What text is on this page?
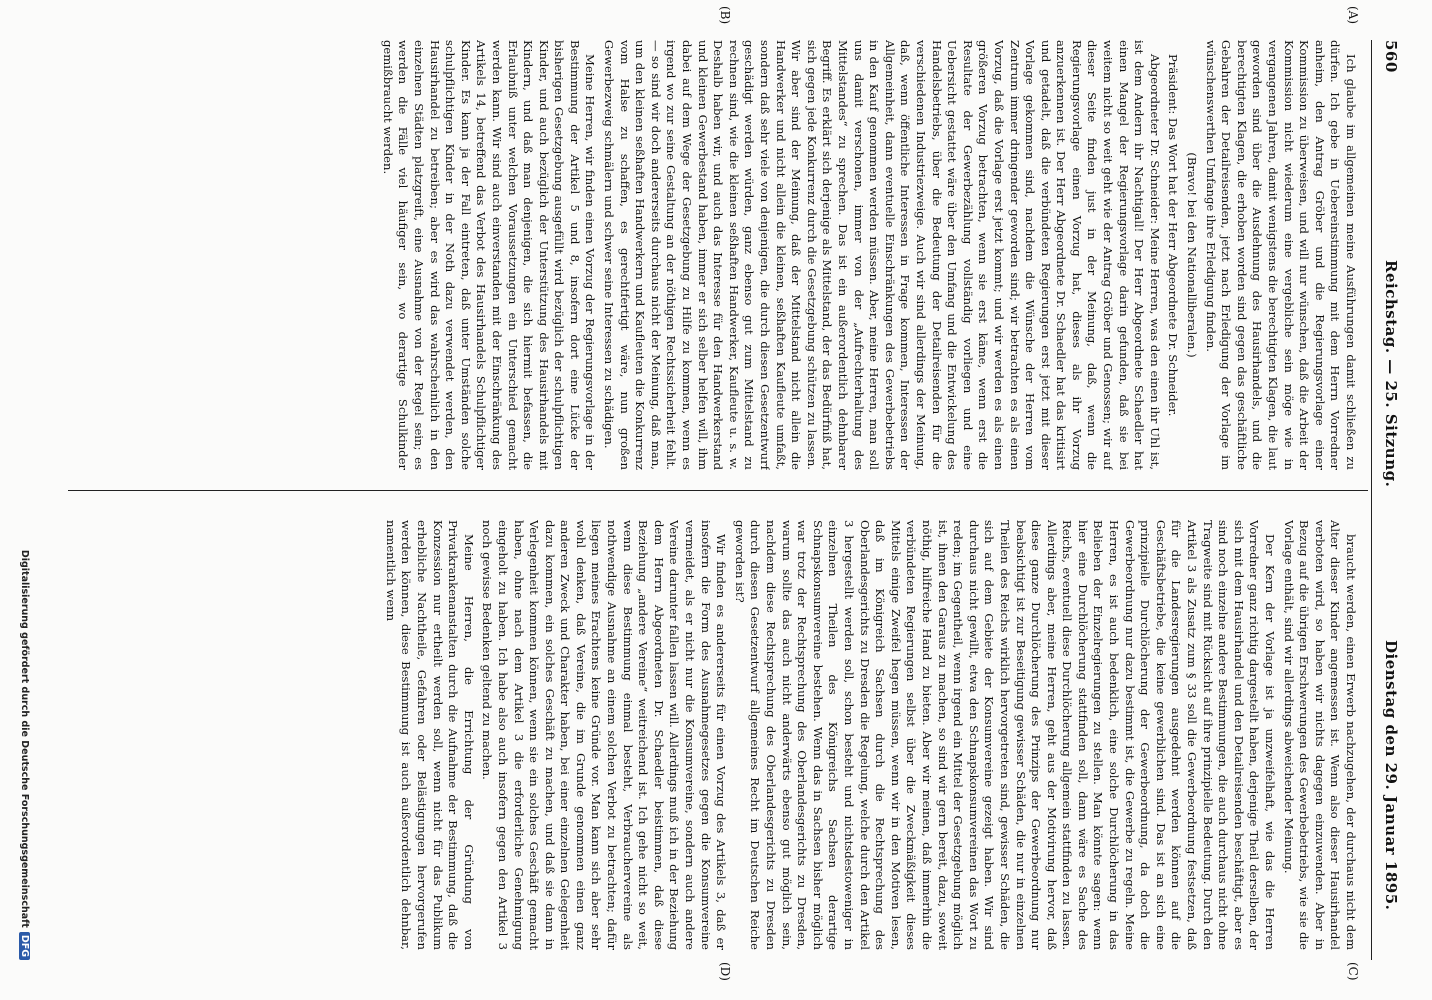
560
Reichstag. — 25. Sitzung.
Dienstag den 29. Januar 1895.
(A)
(B)
(C)
(D)

Ich glaube im allgemeinen meine Ausführungen damit schließen zu dürfen. Ich gebe in Uebereinstimmung mit dem Herrn Vorredner anheim, den Antrag Gröber und die Regierungsvorlage einer Kommission zu überweisen, und will nur wünschen, daß die Arbeit der Kommission nicht wiederum eine vergebliche sein möge wie in vergangenen Jahren, damit wenigstens die berechtigten Klagen, die laut geworden sind über die Ausdehnung des Hausirhandels, und die berechtigten Klagen, die erhoben worden sind gegen das geschäftliche Gebahren der Detailreisenden, jetzt nach Erledigung der Vorlage im wünschenswerthen Umfange ihre Erledigung finden.

(Bravo! bei den Nationalliberalen.)

Präsident: Das Wort hat der Herr Abgeordnete Dr. Schneider.

Abgeordneter Dr. Schneider: Meine Herren, was den einen ihr Uhl ist, ist dem Andern ihr Nachtigall! Der Herr Abgeordnete Schaedler hat einen Mangel der Regierungsvorlage darin gefunden, daß sie bei weitem nicht so weit geht wie der Antrag Gröber und Genossen; wir auf dieser Seite finden just in der Meinung, daß, wenn die Regierungsvorlage einen Vorzug hat, dieses als ihr Vorzug anzuerkennen ist. Der Herr Abgeordnete Dr. Schaedler hat das kritisirt und getadelt, daß die verbündeten Regierungen erst jetzt mit dieser Vorlage gekommen sind, nachdem die Wünsche der Herren vom Zentrum immer dringender geworden sind; wir betrachten es als einen Vorzug, daß die Vorlage erst jetzt kommt; und wir werden es als einen größeren Vorzug betrachten, wenn sie erst käme, wenn erst die Resultate der Gewerbezählung vollständig vorliegen und eine Uebersicht gestattet wäre über den Umfang und die Entwickelung des Handelsbetriebs, über die Bedeutung der Detailreisenden für die verschiedenen Industriezweige. Auch wir sind allerdings der Meinung, daß, wenn öffentliche Interessen in Frage kommen, Interessen der Allgemeinheit, dann eventuelle Einschränkungen des Gewerbebetriebs in den Kauf genommen werden müssen. Aber, meine Herren, man soll uns damit verschonen, immer von der „Aufrechterhaltung des Mittelstandes“ zu sprechen. Das ist ein außerordentlich dehnbarer Begriff. Es erklärt sich derjenige als Mittelstand, der das Bedürfniß hat, sich gegen jede Konkurrenz durch die Gesetzgebung schützen zu lassen. Wir aber sind der Meinung, daß der Mittelstand nicht allein die Handwerker und nicht allein die kleinen, seßhaften Kaufleute umfaßt, sondern daß sehr viele von denjenigen, die durch diesen Gesetzentwurf geschädigt werden würden, ganz ebenso gut zum Mittelstand zu rechnen sind, wie die kleinen seßhaften Handwerker, Kaufleute u. s. w. Deshalb haben wir, und auch das Interesse für den Handwerkerstand und kleinen Gewerbestand haben, immer er sich selber helfen will, ihm dabei auf dem Wege der Gesetzgebung zu Hilfe zu kommen, wenn es irgend wo zur seine Gestaltung an der nöthigen Rechtssicherheit fehlt. — so sind wir doch andererseits durchaus nicht der Meinung, daß man, um den kleinen seßhaften Handwerkern und Kaufleuten die Konkurrenz vom Halse zu schaffen, es gerechtfertigt wäre, nun großen Gewerbezweig schmälern und schwer seine Interessen zu schädigen.

Meine Herren, wir finden einen Vorzug der Regierungsvorlage in der Bestimmung der Artikel 5 und 8, insofern dort eine Lücke der bisherigen Gesetzgebung ausgefüllt wird bezüglich der schulpflichtigen Kinder, und auch bezüglich der Unterstützung des Hausirhandels mit Kindern, und daß man denjenigen, die sich hiermit befassen, die Erlaubniß unter welchen Voraussetzungen ein Unterschied gemacht werden kann. Wir sind auch einverstanden mit der Einschränkung des Artikels 14, betreffend das Verbot des Hausirhandels Schulpflichtiger Kinder. Es kann ja der Fall eintreten, daß unter Umständen solche schulpflichtigen Kinder in der Noth dazu verwendet werden, den Hausirhandel zu betreiben; aber es wird das wahrscheinlich in den einzelnen Städten platzgreift, eine Ausnahme von der Regel sein; es werden die Fälle viel häufiger sein, wo derartige Schulkinder gemißbraucht werden.

braucht werden, einen Erwerb nachzugehen, der durchaus nicht dem Alter dieser Kinder angemessen ist. Wenn also dieser Hausirhandel verboten wird, so haben wir nichts dagegen einzuwenden. Aber in Bezug auf die übrigen Erschwerungen des Gewerbebetriebs, wie sie die Vorlage enthält, sind wir allerdings abweichender Meinung.

Der Kern der Vorlage ist ja unzweifelhaft, wie das die Herren Vorredner ganz richtig dargestellt haben, derjenige Theil derselben, der sich mit dem Hausirhandel und den Detailreisenden beschäftigt, aber es sind noch einzelne andere Bestimmungen, die auch durchaus nicht ohne Tragweite sind mit Rücksicht auf ihre prinzipielle Bedeutung. Durch den Artikel 3 als Zusatz zum § 33 soll die Gewerbeordnung festsetzen, daß für die Landesregierungen ausgedehnt werden können auf die Geschäftsbetriebe, die keine gewerblichen sind. Das ist an sich eine prinzipielle Durchlöcherung der Gewerbeordnung, da doch die Gewerbeordnung nur dazu bestimmt ist, die Gewerbe zu regeln. Meine Herren, es ist auch bedenklich, eine solche Durchlöcherung in das Belieben der Einzelregierungen zu stellen. Man könnte sagen: wenn hier eine Durchlöcherung stattfinden soll, dann wäre es Sache des Reichs, eventuell diese Durchlöcherung allgemein stattfinden zu lassen. Allerdings aber, meine Herren, geht aus der Motivirung hervor, daß diese ganze Durchlöcherung des Prinzips der Gewerbeordnung nur beabsichtigt ist zur Beseitigung gewisser Schäden, die nur in einzelnen Theilen des Reichs wirklich hervorgetreten sind, gewisser Schäden, die sich auf dem Gebiete der Konsumvereine gezeigt haben. Wir sind durchaus nicht gewillt, etwa den Schnapskonsumvereinen das Wort zu reden; im Gegentheil, wenn irgend ein Mittel der Gesetzgebung möglich ist, ihnen den Garaus zu machen, so sind wir gern bereit, dazu, soweit nöthig, hilfreiche Hand zu bieten. Aber wir meinen, daß immerhin die verbündeten Regierungen selbst über die Zweckmäßigkeit dieses Mittels einige Zweifel hegen müssen, wenn wir in den Motiven lesen, daß im Königreich Sachsen durch die Rechtsprechung des Oberlandesgerichts zu Dresden die Regelung, welche durch den Artikel 3 hergestellt werden soll, schon besteht und nichtsdestoweniger in einzelnen Theilen des Königreichs Sachsen derartige Schnapskonsumvereine bestehen. Wenn das in Sachsen bisher möglich war trotz der Rechtsprechung des Oberlandesgerichts zu Dresden, warum sollte das auch nicht anderwärts ebenso gut möglich sein, nachdem diese Rechtsprechung des Oberlandesgerichts zu Dresden durch diesen Gesetzentwurf allgemeines Recht im Deutschen Reiche geworden ist?

Wir finden es andererseits für einen Vorzug des Artikels 3, daß er insofern die Form des Ausnahmegesetzes gegen die Konsumvereine vermeidet, als er nicht nur die Konsumvereine, sondern auch andere Vereine darunter fallen lassen will. Allerdings muß ich in der Beziehung dem Herrn Abgeordneten Dr. Schaedler beistimmen, daß diese Beziehung „andere Vereine“ weitreichend ist. Ich gehe nicht so weit, wenn diese Bestimmung einmal besteht, Verbrauchervereine als nothwendige Ausnahme an einem solchen Verbot zu betrachten; dafür liegen meines Erachtens keine Gründe vor. Man kann sich aber sehr wohl denken, daß Vereine, die im Grunde genommen einen ganz anderen Zweck und Charakter haben, bei einer einzelnen Gelegenheit dazu kommen, ein solches Geschäft zu machen, und daß sie dann in Verlegenheit kommen können, wenn sie ein solches Geschäft gemacht haben, ohne nach dem Artikel 3 die erforderliche Genehmigung eingeholt zu haben. Ich habe also auch insofern gegen den Artikel 3 noch gewisse Bedenken geltend zu machen.

Meine Herren, die Errichtung der Gründung von Privatkrankenanstalten durch die Aufnahme der Bestimmung, daß die Konzession nur ertheilt werden soll, wenn nicht für das Publikum erhebliche Nachtheile, Gefahren oder Belästigungen hervorgerufen werden können, diese Bestimmung ist auch außerordentlich dehnbar, namentlich wenn

Digitalisierung gefördert durch die Deutsche ForschungsgemeinschaftDFG
